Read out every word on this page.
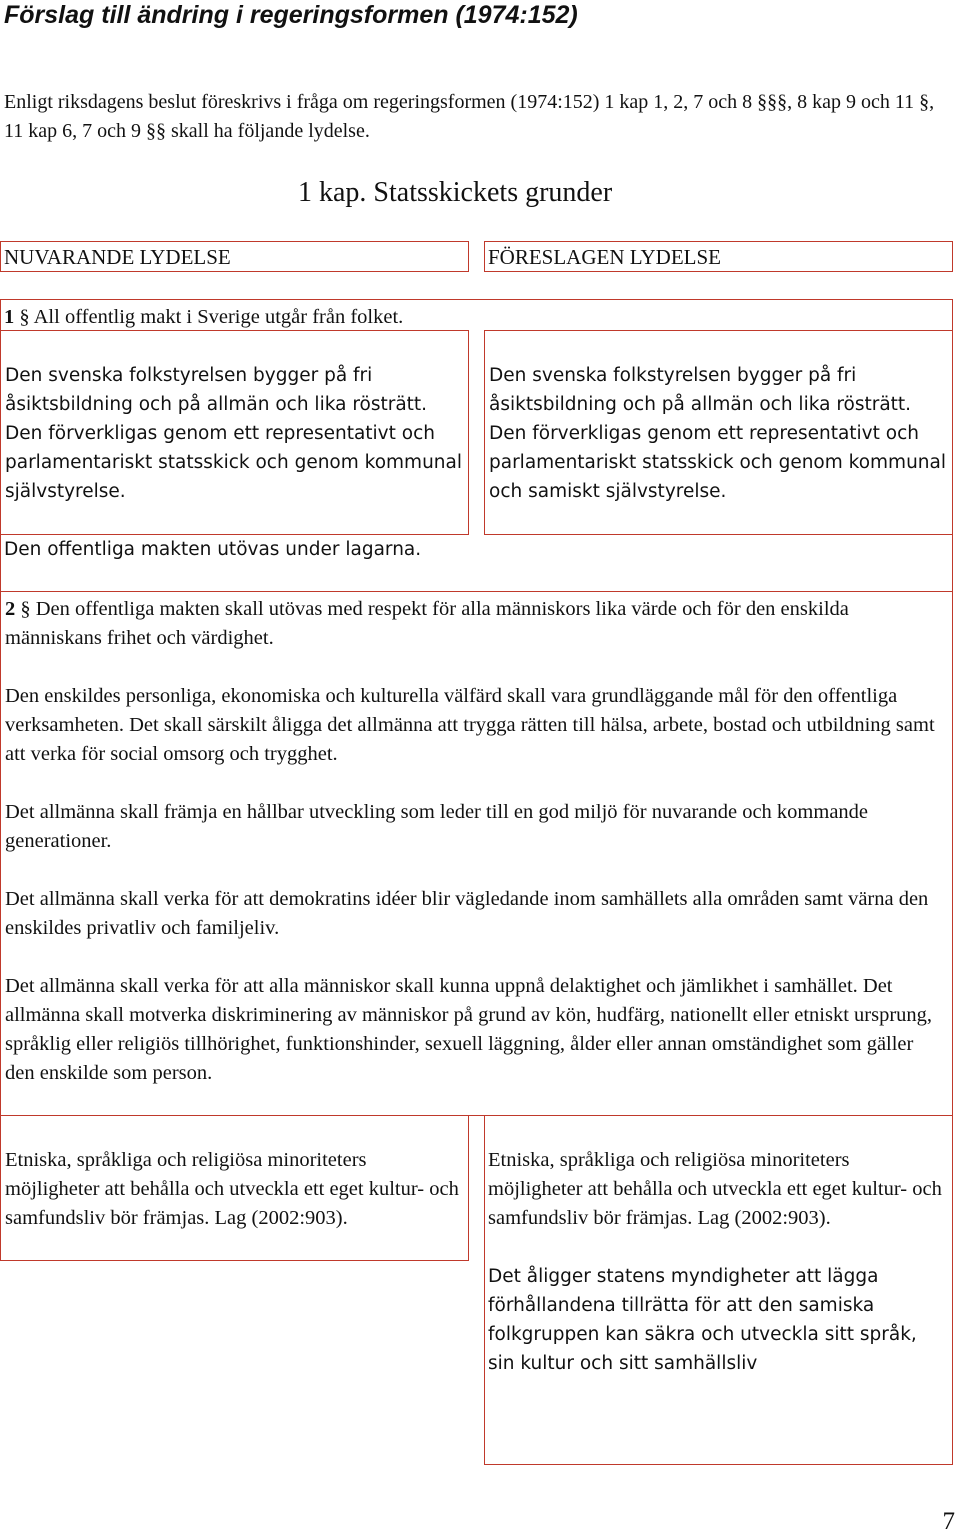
Förslag till ändring i regeringsformen (1974:152)

Enligt riksdagens beslut föreskrivs i fråga om regeringsformen (1974:152) 1 kap 1, 2, 7 och 8 §§§, 8 kap 9 och 11 §, 11 kap 6, 7 och 9 §§ skall ha följande lydelse.

1 kap. Statsskickets grunder
NUVARANDE LYDELSE	FÖRESLAGEN LYDELSE
1 § All offentlig makt i Sverige utgår från folket.

Den svenska folkstyrelsen bygger på fri åsiktsbildning och på allmän och lika rösträtt. Den förverkligas genom ett representativt och parlamentariskt statsskick och genom kommunal självstyrelse.

Den svenska folkstyrelsen bygger på fri åsiktsbildning och på allmän och lika rösträtt. Den förverkligas genom ett representativt och parlamentariskt statsskick och genom kommunal och samiskt självstyrelse.

Den offentliga makten utövas under lagarna.

2 § Den offentliga makten skall utövas med respekt för alla människors lika värde och för den enskilda människans frihet och värdighet.

Den enskildes personliga, ekonomiska och kulturella välfärd skall vara grundläggande mål för den offentliga verksamheten. Det skall särskilt åligga det allmänna att trygga rätten till hälsa, arbete, bostad och utbildning samt att verka för social omsorg och trygghet.

Det allmänna skall främja en hållbar utveckling som leder till en god miljö för nuvarande och kommande generationer.

Det allmänna skall verka för att demokratins idéer blir vägledande inom samhällets alla områden samt värna den enskildes privatliv och familjeliv.

Det allmänna skall verka för att alla människor skall kunna uppnå delaktighet och jämlikhet i samhället. Det allmänna skall motverka diskriminering av människor på grund av kön, hudfärg, nationellt eller etniskt ursprung, språklig eller religiös tillhörighet, funktionshinder, sexuell läggning, ålder eller annan omständighet som gäller den enskilde som person.

Etniska, språkliga och religiösa minoriteters möjligheter att behålla och utveckla ett eget kultur- och samfundsliv bör främjas. Lag (2002:903).

Etniska, språkliga och religiösa minoriteters möjligheter att behålla och utveckla ett eget kultur- och samfundsliv bör främjas. Lag (2002:903).

Det åligger statens myndigheter att lägga förhållandena tillrätta för att den samiska folkgruppen kan säkra och utveckla sitt språk, sin kultur och sitt samhällsliv

7
